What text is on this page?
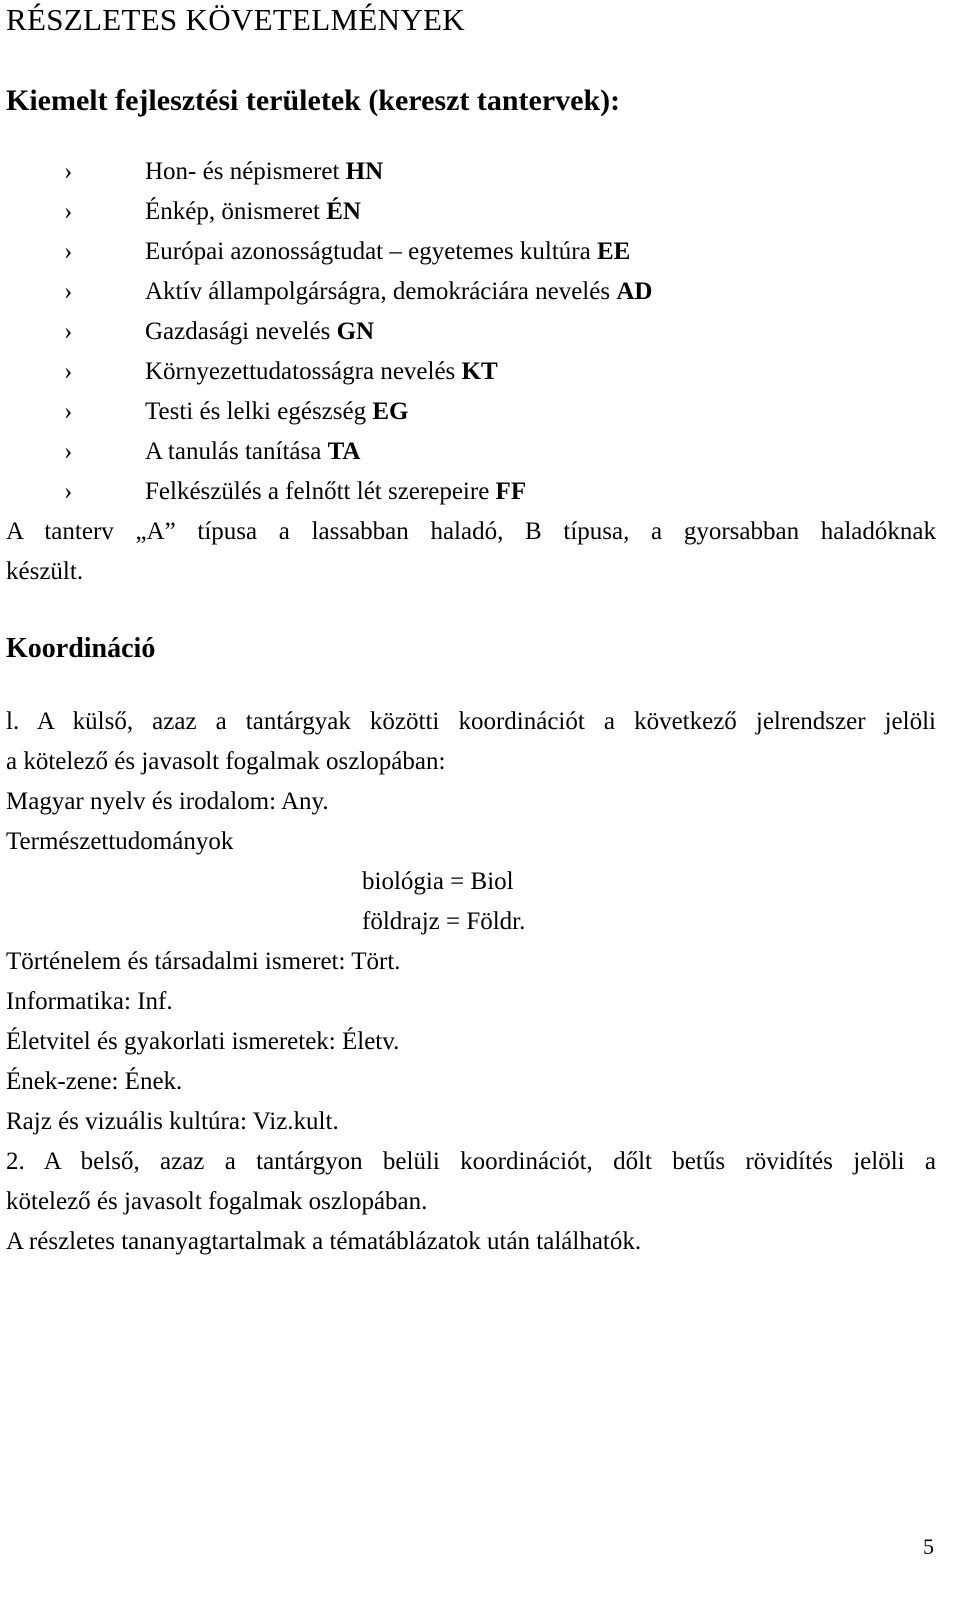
RÉSZLETES KÖVETELMÉNYEK
Kiemelt fejlesztési területek (kereszt tantervek):
›	Hon- és népismeret HN
›	Énkép, önismeret ÉN
›	Európai azonosságtudat – egyetemes kultúra EE
›	Aktív állampolgárságra, demokráciára nevelés AD
›	Gazdasági nevelés GN
›	Környezettudatosságra nevelés KT
›	Testi és lelki egészség EG
›	A tanulás tanítása TA
›	Felkészülés a felnőtt lét szerepeire FF
A tanterv „A” típusa a lassabban haladó, B típusa, a gyorsabban haladóknak
készült.
Koordináció
l. A külső, azaz a tantárgyak közötti koordinációt a következő jelrendszer jelöli
a kötelező és javasolt fogalmak oszlopában:
Magyar nyelv és irodalom: Any.
Természettudományok
biológia = Biol
földrajz = Földr.
Történelem és társadalmi ismeret: Tört.
Informatika: Inf.
Életvitel és gyakorlati ismeretek: Életv.
Ének-zene: Ének.
Rajz és vizuális kultúra: Viz.kult.
2. A belső, azaz a tantárgyon belüli koordinációt, dőlt betűs rövidítés jelöli a
kötelező és javasolt fogalmak oszlopában.
A részletes tananyagtartalmak a tématáblázatok után találhatók.
5
